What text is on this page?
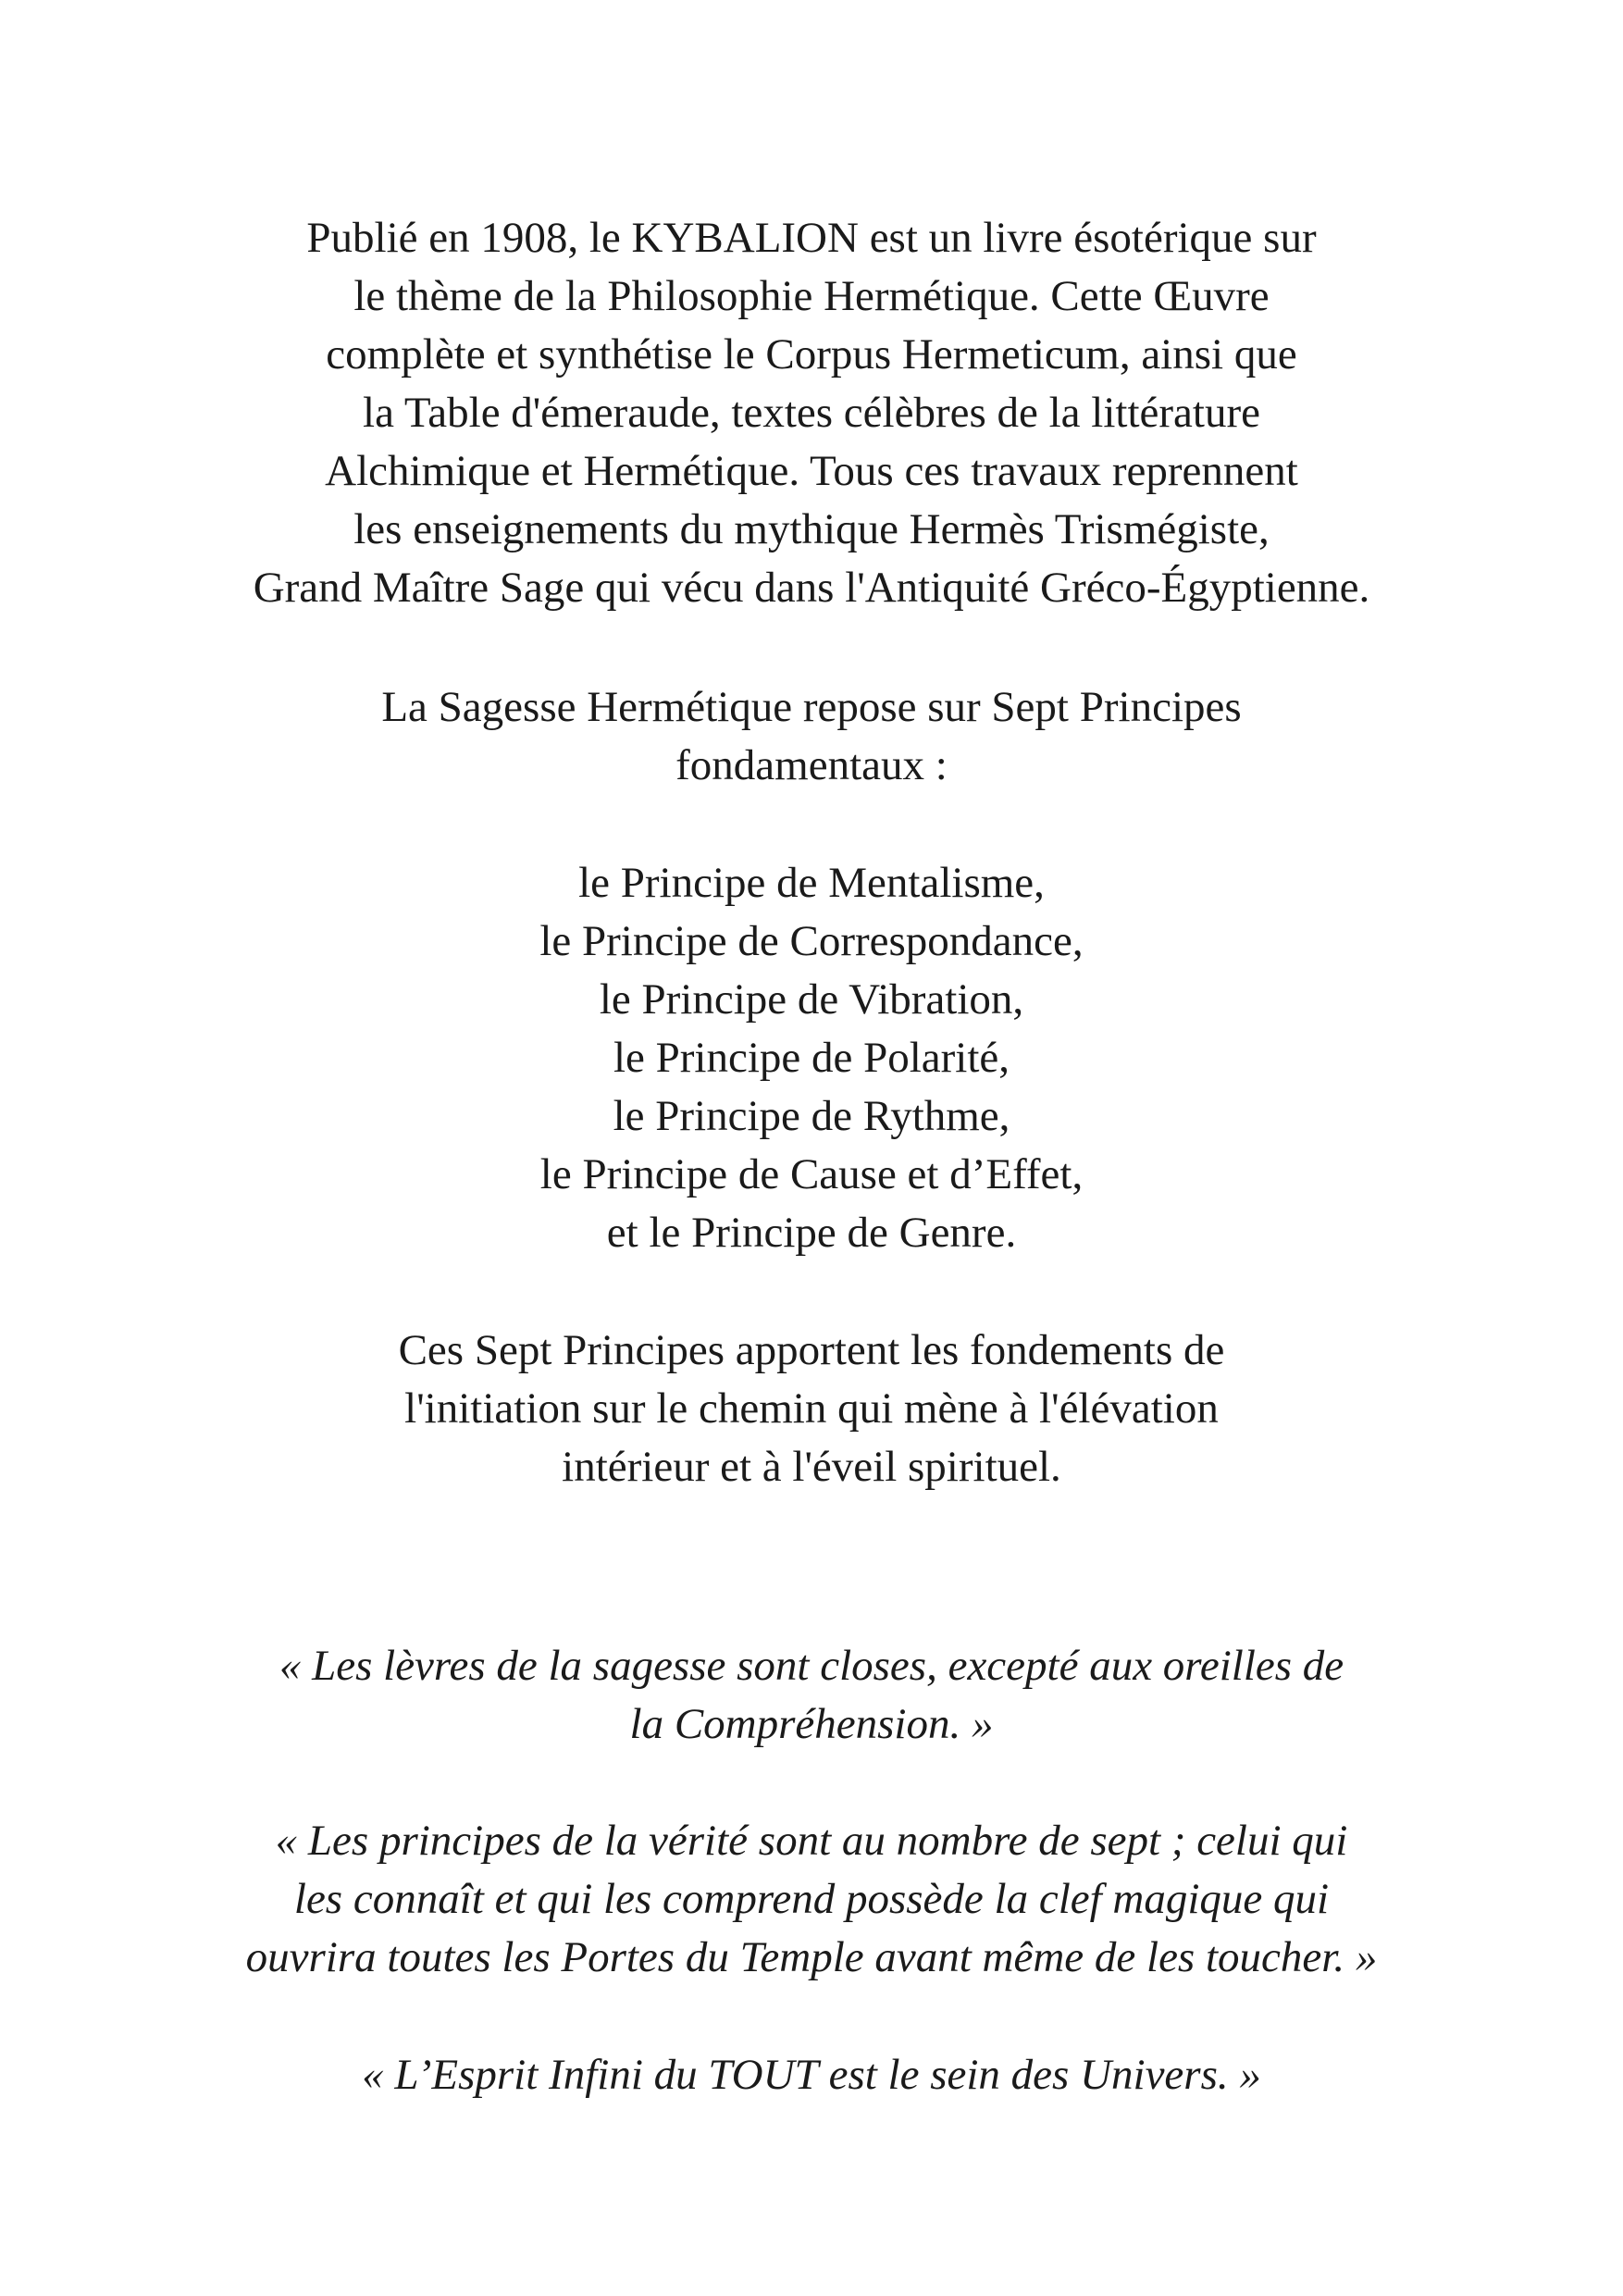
Publié en 1908, le KYBALION est un livre ésotérique sur
le thème de la Philosophie Hermétique. Cette Œuvre
complète et synthétise le Corpus Hermeticum, ainsi que
la Table d'émeraude, textes célèbres de la littérature
Alchimique et Hermétique. Tous ces travaux reprennent
les enseignements du mythique Hermès Trismégiste,
Grand Maître Sage qui vécu dans l'Antiquité Gréco-Égyptienne.
La Sagesse Hermétique repose sur Sept Principes
fondamentaux :
le Principe de Mentalisme,
le Principe de Correspondance,
le Principe de Vibration,
le Principe de Polarité,
le Principe de Rythme,
le Principe de Cause et d’Effet,
et le Principe de Genre.
Ces Sept Principes apportent les fondements de
l'initiation sur le chemin qui mène à l'élévation
intérieur et à l'éveil spirituel.
« Les lèvres de la sagesse sont closes, excepté aux oreilles de
la Compréhension. »
« Les principes de la vérité sont au nombre de sept ; celui qui
les connaît et qui les comprend possède la clef magique qui
ouvrira toutes les Portes du Temple avant même de les toucher. »
« L’Esprit Infini du TOUT est le sein des Univers. »
